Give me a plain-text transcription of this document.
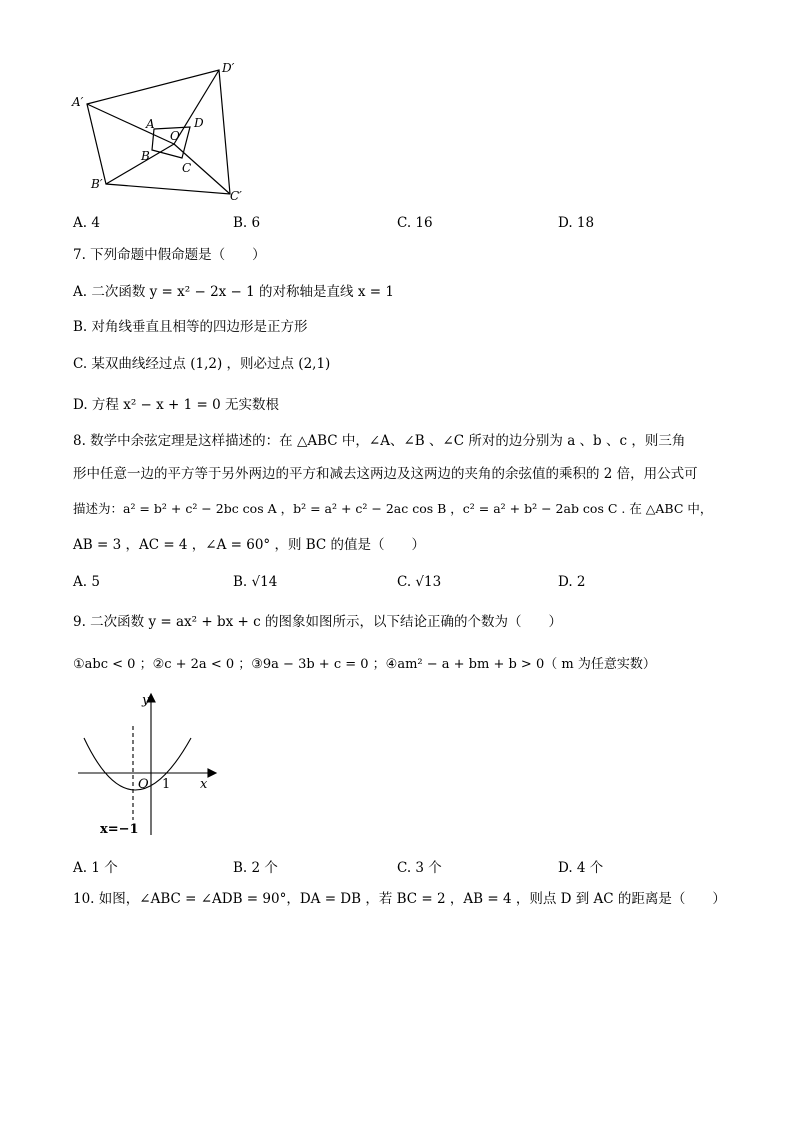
A′
D′
A
O
D
B
C
B′
C′
A. 4	B. 6	C. 16	D. 18
7. 下列命题中假命题是（　　）
A. 二次函数 y = x² − 2x − 1 的对称轴是直线 x = 1
B. 对角线垂直且相等的四边形是正方形
C. 某双曲线经过点 (1,2) ，则必过点 (2,1)
D. 方程 x² − x + 1 = 0 无实数根
8. 数学中余弦定理是这样描述的：在 △ABC 中，∠A、∠B 、∠C 所对的边分别为 a 、b 、c ，则三角
形中任意一边的平方等于另外两边的平方和减去这两边及这两边的夹角的余弦值的乘积的 2 倍，用公式可
描述为：a² = b² + c² − 2bc cos A ，b² = a² + c² − 2ac cos B ，c² = a² + b² − 2ab cos C . 在 △ABC 中，
AB = 3 ，AC = 4 ，∠A = 60° ，则 BC 的值是（　　）
A. 5	B. √14	C. √13	D. 2
9. 二次函数 y = ax² + bx + c 的图象如图所示，以下结论正确的个数为（　　）
①abc < 0 ；②c + 2a < 0 ；③9a − 3b + c = 0 ；④am² − a + bm + b > 0（ m 为任意实数）
y
x
O 1
x=−1
A. 1 个	B. 2 个	C. 3 个	D. 4 个
10. 如图，∠ABC = ∠ADB = 90°，DA = DB ，若 BC = 2 ，AB = 4 ，则点 D 到 AC 的距离是（　　）
